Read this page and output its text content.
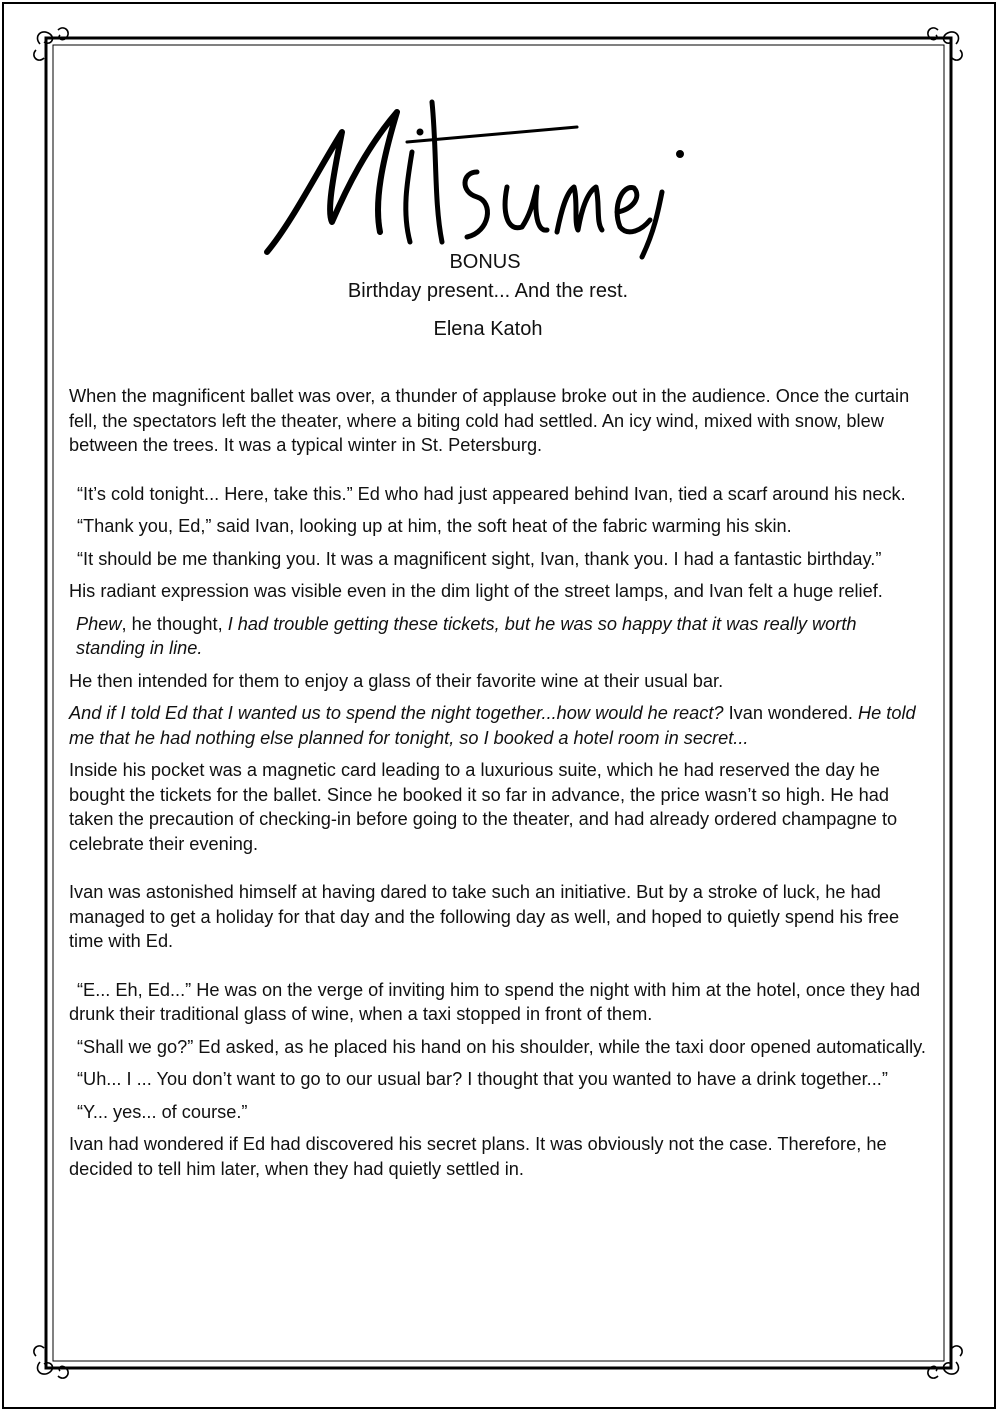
BONUS
Birthday present... And the rest.
Elena Katoh

When the magnificent ballet was over, a thunder of applause broke out in the audience. Once the curtain fell, the spectators left the theater, where a biting cold had settled. An icy wind, mixed with snow, blew between the trees. It was a typical winter in St. Petersburg.

“It’s cold tonight... Here, take this.” Ed who had just appeared behind Ivan, tied a scarf around his neck.

“Thank you, Ed,” said Ivan, looking up at him, the soft heat of the fabric warming his skin.

“It should be me thanking you. It was a magnificent sight, Ivan, thank you. I had a fantastic birthday.”

His radiant expression was visible even in the dim light of the street lamps, and Ivan felt a huge relief.

Phew, he thought, I had trouble getting these tickets, but he was so happy that it was really worth standing in line.

He then intended for them to enjoy a glass of their favorite wine at their usual bar.

And if I told Ed that I wanted us to spend the night together...how would he react? Ivan wondered. He told me that he had nothing else planned for tonight, so I booked a hotel room in secret...

Inside his pocket was a magnetic card leading to a luxurious suite, which he had reserved the day he bought the tickets for the ballet. Since he booked it so far in advance, the price wasn’t so high. He had taken the precaution of checking-in before going to the theater, and had already ordered champagne to celebrate their evening.

Ivan was astonished himself at having dared to take such an initiative. But by a stroke of luck, he had managed to get a holiday for that day and the following day as well, and hoped to quietly spend his free time with Ed.

“E... Eh, Ed...” He was on the verge of inviting him to spend the night with him at the hotel, once they had drunk their traditional glass of wine, when a taxi stopped in front of them.

“Shall we go?” Ed asked, as he placed his hand on his shoulder, while the taxi door opened automatically.

“Uh... I ... You don’t want to go to our usual bar? I thought that you wanted to have a drink together...”

“Y... yes... of course.”

Ivan had wondered if Ed had discovered his secret plans. It was obviously not the case. Therefore, he decided to tell him later, when they had quietly settled in.
